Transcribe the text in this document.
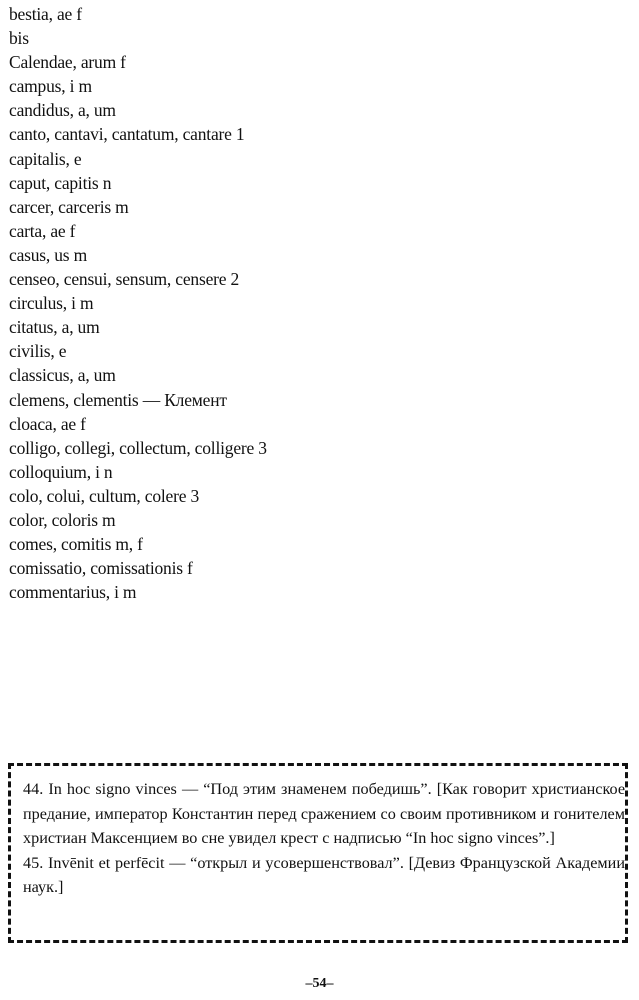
bestia, ae f
bis
Calendae, arum f
campus, i m
candidus, a, um
canto, cantavi, cantatum, cantare 1
capitalis, e
caput, capitis n
carcer, carceris m
carta, ae f
casus, us m
censeo, censui, sensum, censere 2
circulus, i m
citatus, a, um
civilis, e
classicus, a, um
clemens, clementis — Клемент
cloaca, ae f
colligo, collegi, collectum, colligere 3
colloquium, i n
colo, colui, cultum, colere 3
color, coloris m
comes, comitis m, f
comissatio, comissationis f
commentarius, i m

44. In hoc signo vinces — “Под этим знаменем победишь”. [Как говорит христианское предание, император Константин перед сражением со своим противником и гонителем христиан Максенцием во сне увидел крест с надписью “In hoc signo vinces”.]

45. Invēnit et perfēcit — “открыл и усовершенствовал”. [Девиз Французской Академии наук.]

–54–
